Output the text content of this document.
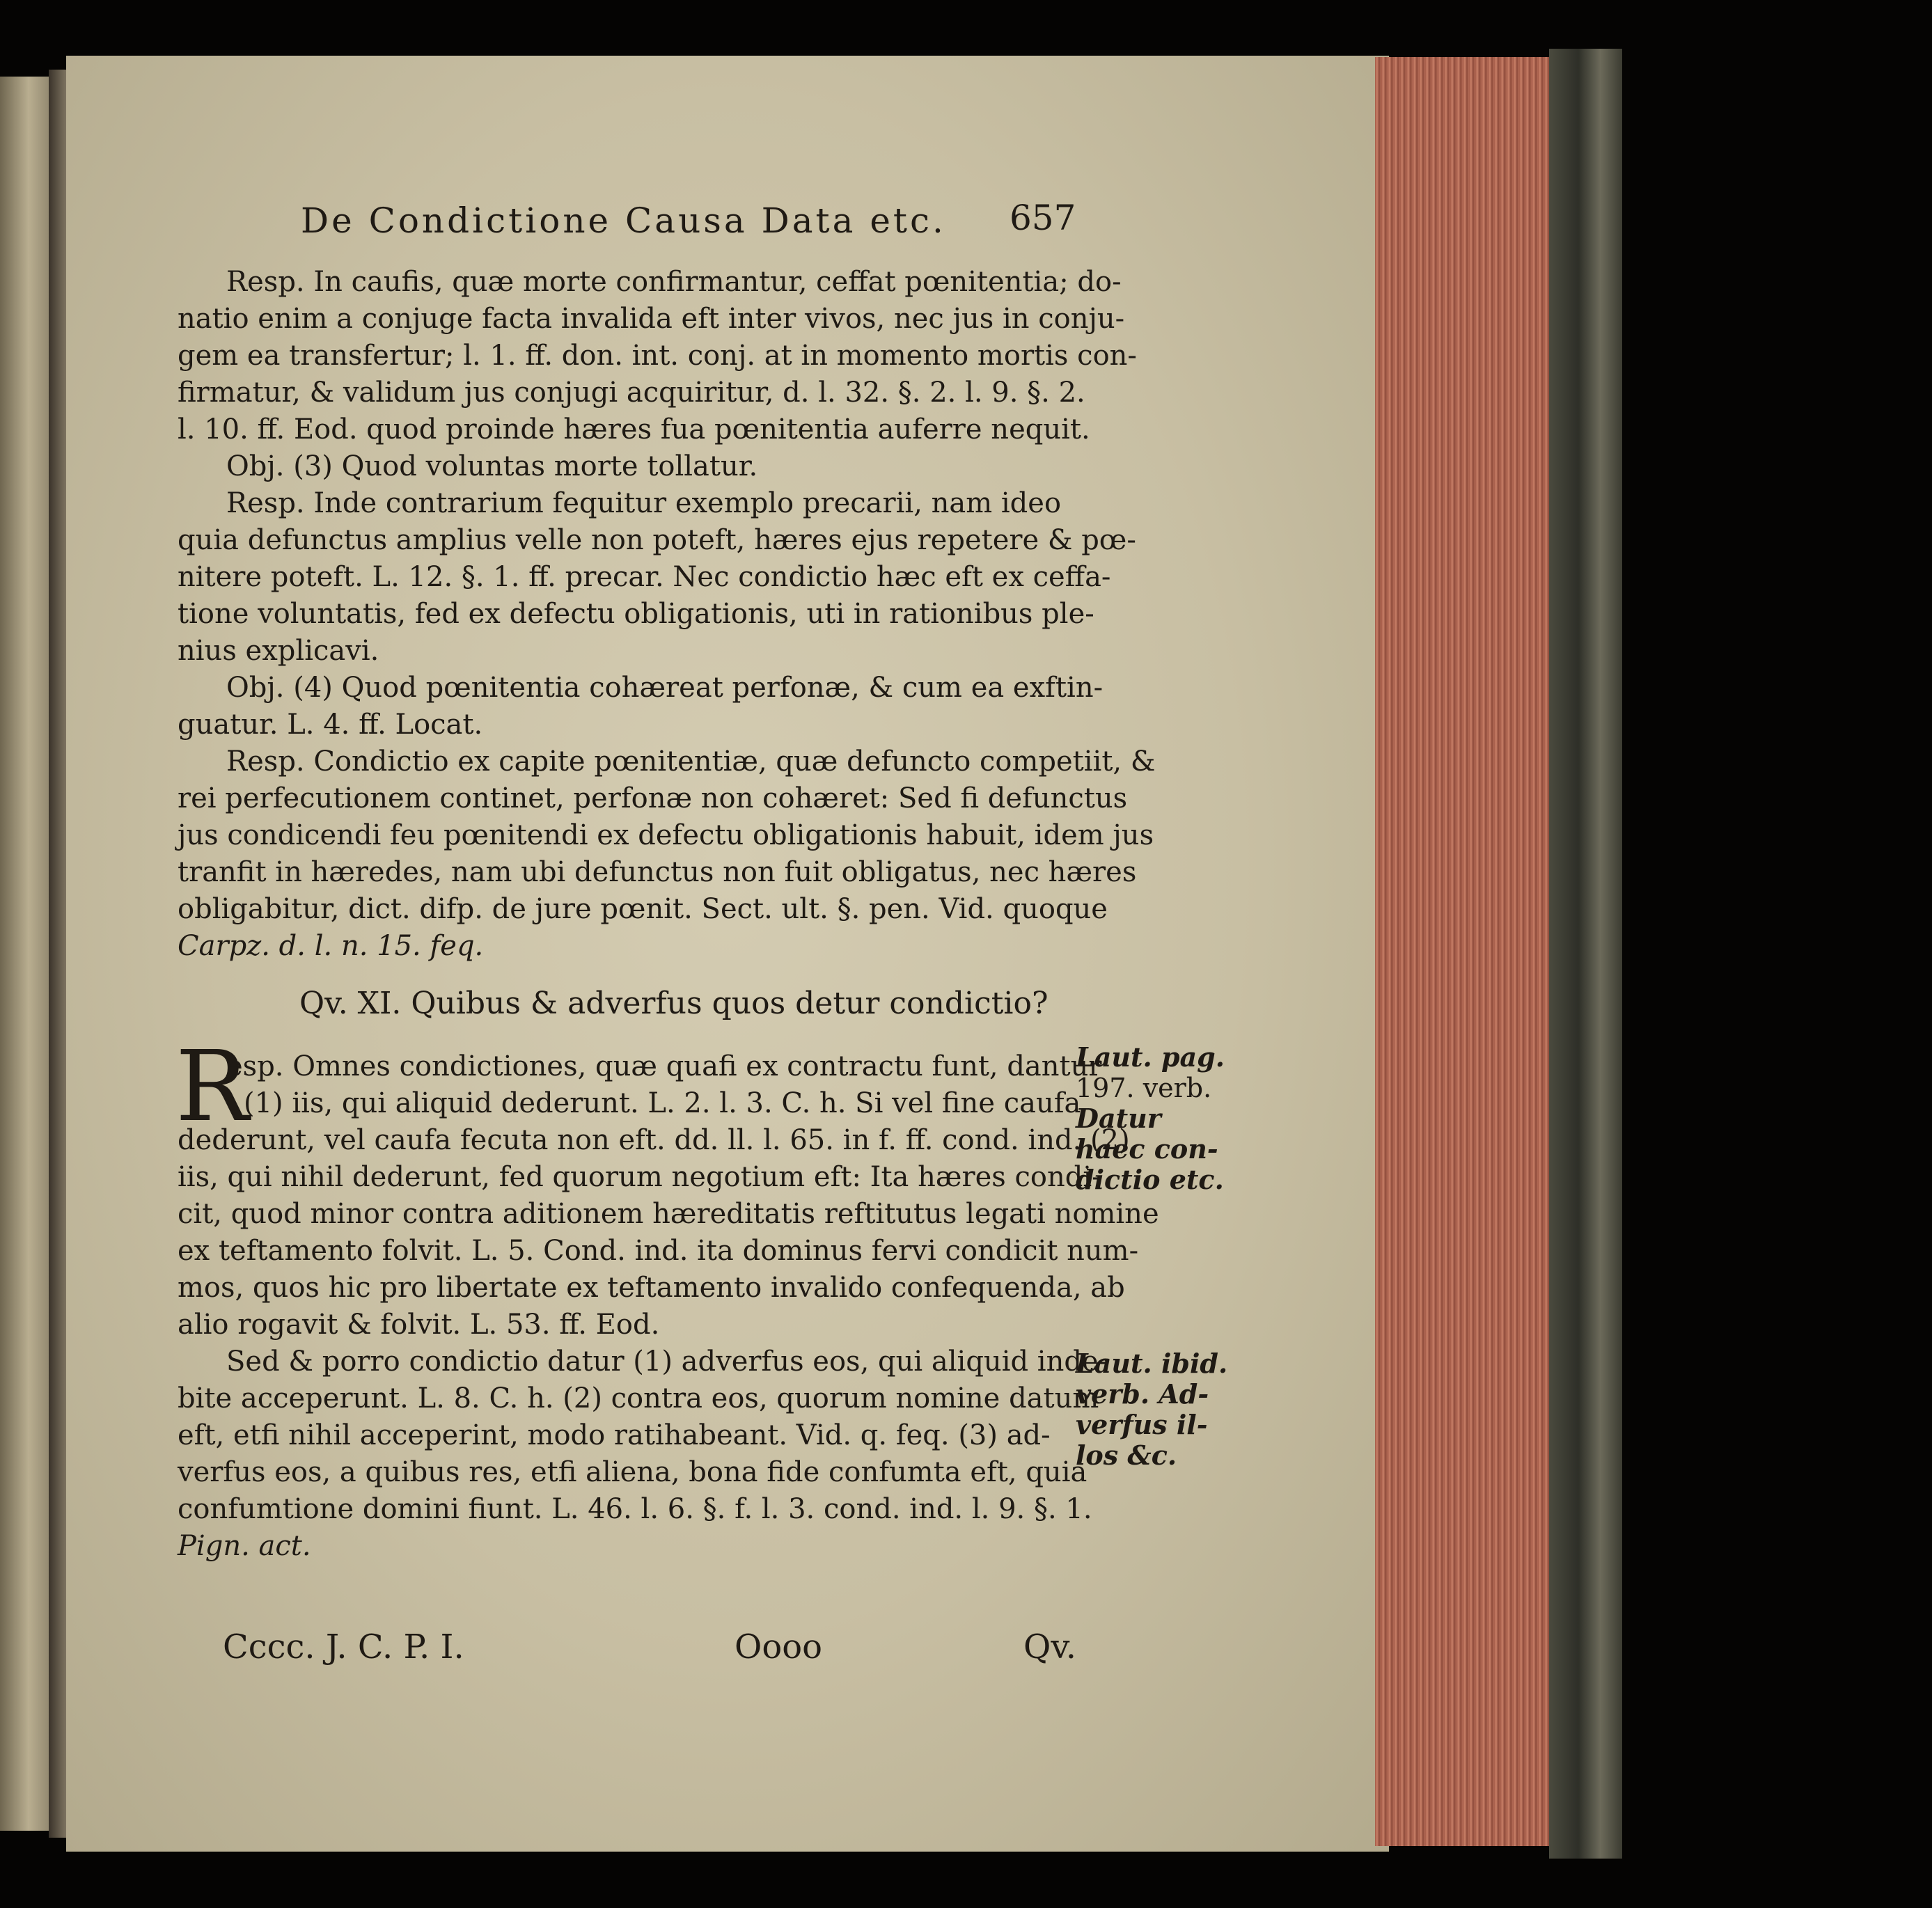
De Condictione Causa Data etc. 657
Resp. In caufis, quæ morte confirmantur, ceffat pœnitentia; do-
natio enim a conjuge facta invalida eft inter vivos, nec jus in conju-
gem ea transfertur; l. 1. ff. don. int. conj. at in momento mortis con-
firmatur, & validum jus conjugi acquiritur, d. l. 32. §. 2. l. 9. §. 2.
l. 10. ff. Eod. quod proinde hæres fua pœnitentia auferre nequit.
Obj. (3) Quod voluntas morte tollatur.
Resp. Inde contrarium fequitur exemplo precarii, nam ideo
quia defunctus amplius velle non poteft, hæres ejus repetere & pœ-
nitere poteft. L. 12. §. 1. ff. precar. Nec condictio hæc eft ex ceffa-
tione voluntatis, fed ex defectu obligationis, uti in rationibus ple-
nius explicavi.
Obj. (4) Quod pœnitentia cohæreat perfonæ, & cum ea exftin-
guatur. L. 4. ff. Locat.
Resp. Condictio ex capite pœnitentiæ, quæ defuncto competiit, &
rei perfecutionem continet, perfonæ non cohæret: Sed fi defunctus
jus condicendi feu pœnitendi ex defectu obligationis habuit, idem jus
tranfit in hæredes, nam ubi defunctus non fuit obligatus, nec hæres
obligabitur, dict. difp. de jure pœnit. Sect. ult. §. pen. Vid. quoque
Carpz. d. l. n. 15. feq.
Qv. XI. Quibus & adverfus quos detur condictio?
R
esp. Omnes condictiones, quæ quafi ex contractu funt, dantur
(1) iis, qui aliquid dederunt. L. 2. l. 3. C. h. Si vel fine caufa
dederunt, vel caufa fecuta non eft. dd. ll. l. 65. in f. ff. cond. ind. (2)
iis, qui nihil dederunt, fed quorum negotium eft: Ita hæres condi-
cit, quod minor contra aditionem hæreditatis reftitutus legati nomine
ex teftamento folvit. L. 5. Cond. ind. ita dominus fervi condicit num-
mos, quos hic pro libertate ex teftamento invalido confequenda, ab
alio rogavit & folvit. L. 53. ff. Eod.
Sed & porro condictio datur (1) adverfus eos, qui aliquid inde-
bite acceperunt. L. 8. C. h. (2) contra eos, quorum nomine datum
eft, etfi nihil acceperint, modo ratihabeant. Vid. q. feq. (3) ad-
verfus eos, a quibus res, etfi aliena, bona fide confumta eft, quia
confumtione domini fiunt. L. 46. l. 6. §. f. l. 3. cond. ind. l. 9. §. 1.
Pign. act.
Laut. pag.
197. verb.
Datur
haec con-
dictio etc.
Laut. ibid.
verb. Ad-
verfus il-
los &c.
Cccc. J. C. P. I.	Oooo	Qv.
